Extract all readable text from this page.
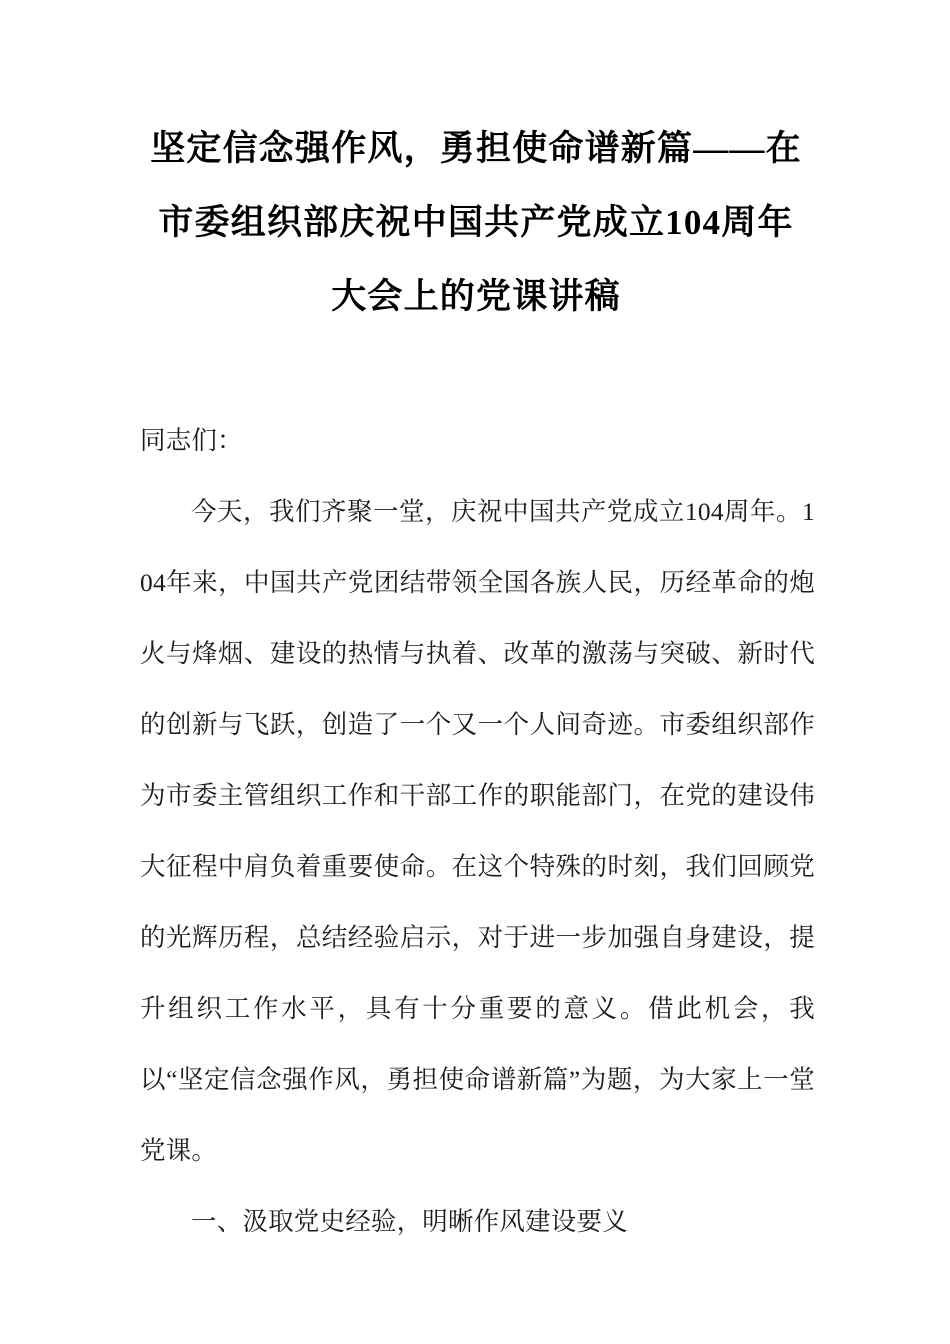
坚定信念强作风，勇担使命谱新篇——在
市委组织部庆祝中国共产党成立104周年
大会上的党课讲稿

同志们：

今天，我们齐聚一堂，庆祝中国共产党成立104周年。104年来，中国共产党团结带领全国各族人民，历经革命的炮火与烽烟、建设的热情与执着、改革的激荡与突破、新时代的创新与飞跃，创造了一个又一个人间奇迹。市委组织部作为市委主管组织工作和干部工作的职能部门，在党的建设伟大征程中肩负着重要使命。在这个特殊的时刻，我们回顾党的光辉历程，总结经验启示，对于进一步加强自身建设，提升组织工作水平，具有十分重要的意义。借此机会，我以“坚定信念强作风，勇担使命谱新篇”为题，为大家上一堂党课。

一、汲取党史经验，明晰作风建设要义
